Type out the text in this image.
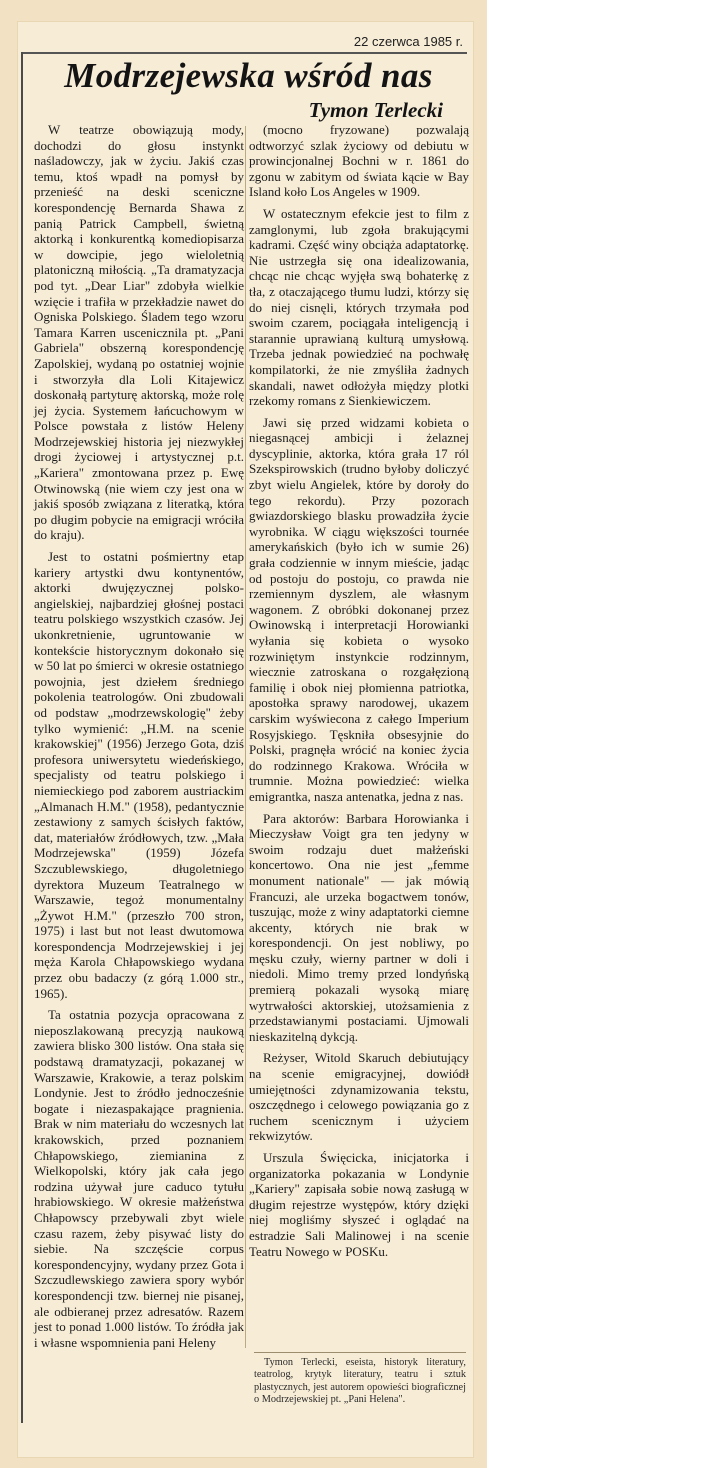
22 czerwca 1985 r.
Modrzejewska wśród nas
Tymon Terlecki

W teatrze obowiązują mody, dochodzi do głosu instynkt naśladowczy, jak w życiu. Jakiś czas temu, ktoś wpadł na pomysł by przenieść na deski sceniczne korespondencję Bernarda Shawa z panią Patrick Campbell, świetną aktorką i konkurentką komediopisarza w dowcipie, jego wieloletnią platoniczną miłością. „Ta dramatyzacja pod tyt. „Dear Liar" zdobyła wielkie wzięcie i trafiła w przekładzie nawet do Ogniska Polskiego. Śladem tego wzoru Tamara Karren uscenicznila pt. „Pani Gabriela" obszerną korespondencję Zapolskiej, wydaną po ostatniej wojnie i stworzyła dla Loli Kitajewicz doskonałą partyturę aktorską, może rolę jej życia. Systemem łańcuchowym w Polsce powstała z listów Heleny Modrzejewskiej historia jej niezwykłej drogi życiowej i artystycznej p.t. „Kariera" zmontowana przez p. Ewę Otwinowską (nie wiem czy jest ona w jakiś sposób związana z literatką, która po długim pobycie na emigracji wróciła do kraju).

Jest to ostatni pośmiertny etap kariery artystki dwu kontynentów, aktorki dwujęzycznej polsko-angielskiej, najbardziej głośnej postaci teatru polskiego wszystkich czasów. Jej ukonkretnienie, ugruntowanie w kontekście historycznym dokonało się w 50 lat po śmierci w okresie ostatniego powojnia, jest dziełem średniego pokolenia teatrologów. Oni zbudowali od podstaw „modrzewskologię" żeby tylko wymienić: „H.M. na scenie krakowskiej" (1956) Jerzego Gota, dziś profesora uniwersytetu wiedeńskiego, specjalisty od teatru polskiego i niemieckiego pod zaborem austriackim „Almanach H.M." (1958), pedantycznie zestawiony z samych ścisłych faktów, dat, materiałów źródłowych, tzw. „Mała Modrzejewska" (1959) Józefa Szczublewskiego, długoletniego dyrektora Muzeum Teatralnego w Warszawie, tegoż monumentalny „Żywot H.M." (przeszło 700 stron, 1975) i last but not least dwutomowa korespondencja Modrzejewskiej i jej męża Karola Chłapowskiego wydana przez obu badaczy (z górą 1.000 str., 1965).

Ta ostatnia pozycja opracowana z nieposzlakowaną precyzją naukową zawiera blisko 300 listów. Ona stała się podstawą dramatyzacji, pokazanej w Warszawie, Krakowie, a teraz polskim Londynie. Jest to źródło jednocześnie bogate i niezaspakające pragnienia. Brak w nim materiału do wczesnych lat krakowskich, przed poznaniem Chłapowskiego, ziemianina z Wielkopolski, który jak cała jego rodzina używał jure caduco tytułu hrabiowskiego. W okresie małżeństwa Chłapowscy przebywali zbyt wiele czasu razem, żeby pisywać listy do siebie. Na szczęście corpus korespondencyjny, wydany przez Gota i Szczudlewskiego zawiera spory wybór korespondencji tzw. biernej nie pisanej, ale odbieranej przez adresatów. Razem jest to ponad 1.000 listów. To źródła jak i własne wspomnienia pani Heleny

(mocno fryzowane) pozwalają odtworzyć szlak życiowy od debiutu w prowincjonalnej Bochni w r. 1861 do zgonu w zabitym od świata kącie w Bay Island koło Los Angeles w 1909.

W ostatecznym efekcie jest to film z zamglonymi, lub zgoła brakującymi kadrami. Część winy obciąża adaptatorkę. Nie ustrzegła się ona idealizowania, chcąc nie chcąc wyjęła swą bohaterkę z tła, z otaczającego tłumu ludzi, którzy się do niej cisnęli, których trzymała pod swoim czarem, pociągała inteligencją i starannie uprawianą kulturą umysłową. Trzeba jednak powiedzieć na pochwałę kompilatorki, że nie zmyśliła żadnych skandali, nawet odłożyła między plotki rzekomy romans z Sienkiewiczem.

Jawi się przed widzami kobieta o niegasnącej ambicji i żelaznej dyscyplinie, aktorka, która grała 17 ról Szekspirowskich (trudno byłoby doliczyć zbyt wielu Angielek, które by doroły do tego rekordu). Przy pozorach gwiazdorskiego blasku prowadziła życie wyrobnika. W ciągu większości tournée amerykańskich (było ich w sumie 26) grała codziennie w innym mieście, jadąc od postoju do postoju, co prawda nie rzemiennym dyszlem, ale własnym wagonem. Z obróbki dokonanej przez Owinowską i interpretacji Horowianki wyłania się kobieta o wysoko rozwiniętym instynkcie rodzinnym, wiecznie zatroskana o rozgałęzioną familię i obok niej płomienna patriotka, apostołka sprawy narodowej, ukazem carskim wyświecona z całego Imperium Rosyjskiego. Tęskniła obsesyjnie do Polski, pragnęła wrócić na koniec życia do rodzinnego Krakowa. Wróciła w trumnie. Można powiedzieć: wielka emigrantka, nasza antenatka, jedna z nas.

Para aktorów: Barbara Horowianka i Mieczysław Voigt gra ten jedyny w swoim rodzaju duet małżeński koncertowo. Ona nie jest „femme monument nationale" — jak mówią Francuzi, ale urzeka bogactwem tonów, tuszując, może z winy adaptatorki ciemne akcenty, których nie brak w korespondencji. On jest nobliwy, po męsku czuły, wierny partner w doli i niedoli. Mimo tremy przed londyńską premierą pokazali wysoką miarę wytrwałości aktorskiej, utożsamienia z przedstawianymi postaciami. Ujmowali nieskazitelną dykcją.

Reżyser, Witold Skaruch debiutujący na scenie emigracyjnej, dowiódł umiejętności zdynamizowania tekstu, oszczędnego i celowego powiązania go z ruchem scenicznym i użyciem rekwizytów.

Urszula Święcicka, inicjatorka i organizatorka pokazania w Londynie „Kariery" zapisała sobie nową zasługą w długim rejestrze występów, który dzięki niej mogliśmy słyszeć i oglądać na estradzie Sali Malinowej i na scenie Teatru Nowego w POSKu.

Tymon Terlecki, eseista, historyk literatury, teatrolog, krytyk literatury, teatru i sztuk plastycznych, jest autorem opowieści biograficznej o Modrzejewskiej pt. „Pani Helena".
